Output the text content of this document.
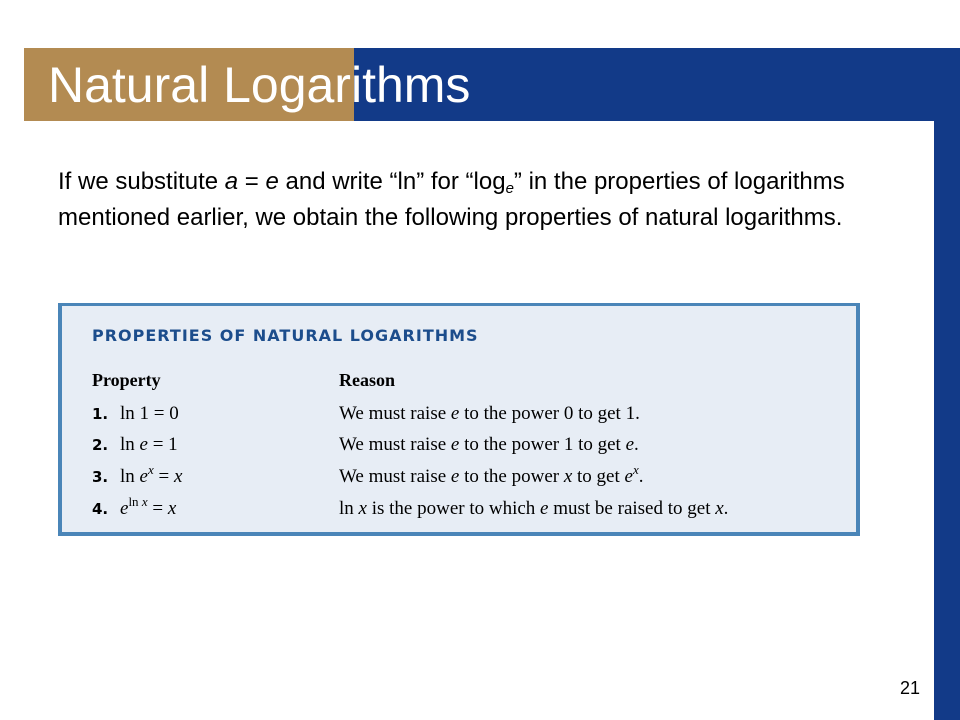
Natural Logarithms

If we substitute a = e and write “ln” for “$\log_e$” in the properties of logarithms mentioned earlier, we obtain the following properties of natural logarithms.

PROPERTIES OF NATURAL LOGARITHMS
Property	Reason
1. ln 1 = 0	We must raise e to the power 0 to get 1.
2. ln e = 1	We must raise e to the power 1 to get e.
3. $\ln e^x = x$	We must raise e to the power x to get $e^x$.
4. $e^{ln}$ $^x$ = x	ln x is the power to which e must be raised to get x.
21
